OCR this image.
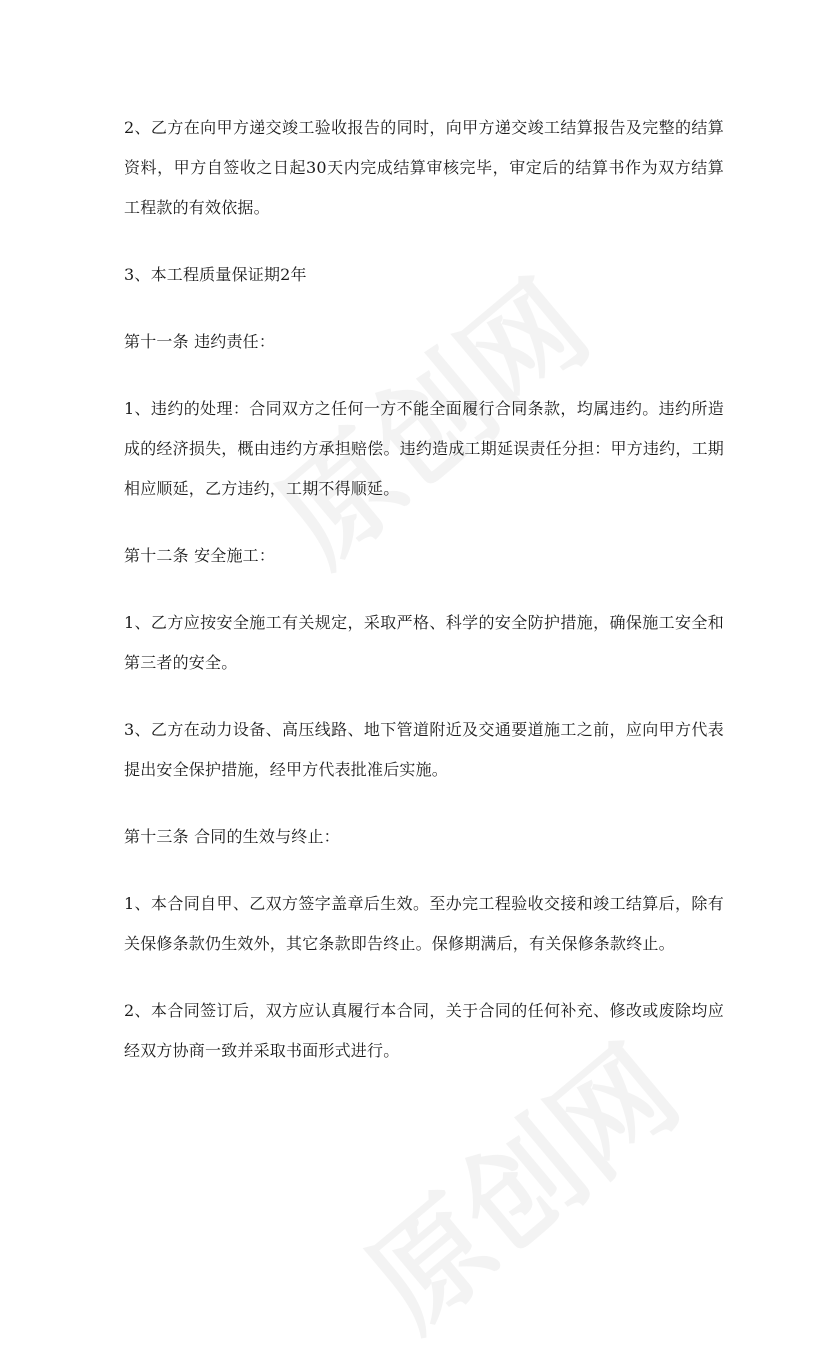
2、乙方在向甲方递交竣工验收报告的同时，向甲方递交竣工结算报告及完整的结算资料，甲方自签收之日起30天内完成结算审核完毕，审定后的结算书作为双方结算工程款的有效依据。

3、本工程质量保证期2年

第十一条 违约责任：

1、违约的处理：合同双方之任何一方不能全面履行合同条款，均属违约。违约所造成的经济损失，概由违约方承担赔偿。违约造成工期延误责任分担：甲方违约，工期相应顺延，乙方违约，工期不得顺延。

第十二条 安全施工：

1、乙方应按安全施工有关规定，采取严格、科学的安全防护措施，确保施工安全和第三者的安全。

3、乙方在动力设备、高压线路、地下管道附近及交通要道施工之前，应向甲方代表提出安全保护措施，经甲方代表批准后实施。

第十三条 合同的生效与终止：

1、本合同自甲、乙双方签字盖章后生效。至办完工程验收交接和竣工结算后，除有关保修条款仍生效外，其它条款即告终止。保修期满后，有关保修条款终止。

2、本合同签订后，双方应认真履行本合同，关于合同的任何补充、修改或废除均应经双方协商一致并采取书面形式进行。
